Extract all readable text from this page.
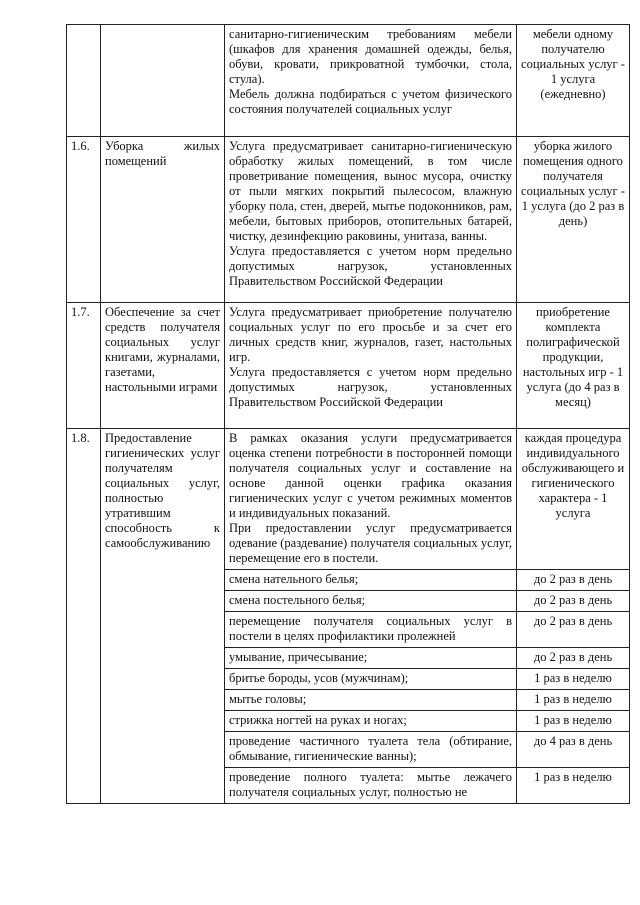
		санитарно-гигиеническим требованиям мебели (шкафов для хранения домашней одежды, белья, обуви, кровати, прикроватной тумбочки, стола, стула).
Мебель должна подбираться с учетом физического состояния получателей социальных услуг	мебели одному получателю социальных услуг - 1 услуга (ежедневно)
1.6.	Уборка жилых помещений	Услуга предусматривает санитарно-гигиеническую обработку жилых помещений, в том числе проветривание помещения, вынос мусора, очистку от пыли мягких покрытий пылесосом, влажную уборку пола, стен, дверей, мытье подоконников, рам, мебели, бытовых приборов, отопительных батарей, чистку, дезинфекцию раковины, унитаза, ванны.
Услуга предоставляется с учетом норм предельно допустимых нагрузок, установленных Правительством Российской Федерации	уборка жилого помещения одного получателя социальных услуг - 1 услуга (до 2 раз в день)
1.7.	Обеспечение за счет средств получателя социальных услуг книгами, журналами, газетами, настольными играми	Услуга предусматривает приобретение получателю социальных услуг по его просьбе и за счет его личных средств книг, журналов, газет, настольных игр.
Услуга предоставляется с учетом норм предельно допустимых нагрузок, установленных Правительством Российской Федерации	приобретение комплекта полиграфической продукции, настольных игр - 1 услуга (до 4 раз в месяц)
1.8.	Предоставление гигиенических услуг получателям социальных услуг, полностью утратившим способность к самообслуживанию	В рамках оказания услуги предусматривается оценка степени потребности в посторонней помощи получателя социальных услуг и составление на основе данной оценки графика оказания гигиенических услуг с учетом режимных моментов и индивидуальных показаний.
При предоставлении услуг предусматривается одевание (раздевание) получателя социальных услуг, перемещение его в постели.	каждая процедура индивидуального обслуживающего и гигиенического характера - 1 услуга
		смена нательного белья;	до 2 раз в день
		смена постельного белья;	до 2 раз в день
		перемещение получателя социальных услуг в постели в целях профилактики пролежней	до 2 раз в день
		умывание, причесывание;	до 2 раз в день
		бритье бороды, усов (мужчинам);	1 раз в неделю
		мытье головы;	1 раз в неделю
		стрижка ногтей на руках и ногах;	1 раз в неделю
		проведение частичного туалета тела (обтирание, обмывание, гигиенические ванны);	до 4 раз в день
		проведение полного туалета: мытье лежачего получателя социальных услуг, полностью не	1 раз в неделю
